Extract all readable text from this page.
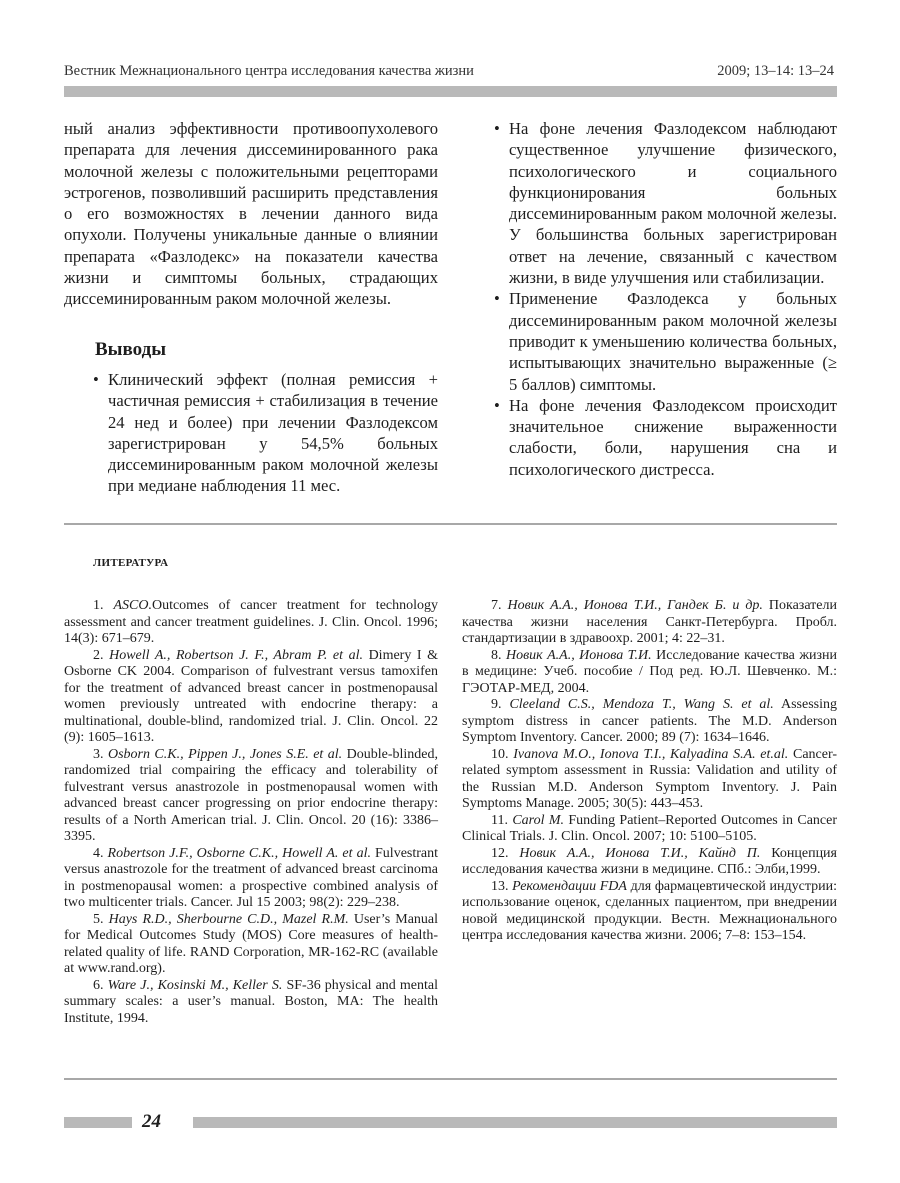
Вестник Межнационального центра исследования качества жизни	2009; 13–14: 13–24

ный анализ эффективности противоопухолевого препарата для лечения диссеминированного рака молочной железы с положительными рецепторами эстрогенов, позволивший расширить представления о его возможностях в лечении данного вида опухоли. Получены уникальные данные о влиянии препарата «Фазлодекс» на показатели качества жизни и симптомы больных, страдающих диссеминированным раком молочной железы.

Выводы
• Клинический эффект (полная ремиссия + частичная ремиссия + стабилизация в течение 24 нед и более) при лечении Фазлодексом зарегистрирован у 54,5% больных диссеминированным раком молочной железы при медиане наблюдения 11 мес.
• На фоне лечения Фазлодексом наблюдают существенное улучшение физического, психологического и социального функционирования больных диссеминированным раком молочной железы. У большинства больных зарегистрирован ответ на лечение, связанный с качеством жизни, в виде улучшения или стабилизации.
• Применение Фазлодекса у больных диссеминированным раком молочной железы приводит к уменьшению количества больных, испытывающих значительно выраженные (≥ 5 баллов) симптомы.
• На фоне лечения Фазлодексом происходит значительное снижение выраженности слабости, боли, нарушения сна и психологического дистресса.
ЛИТЕРАТУРА

1. ASCO.Outcomes of cancer treatment for technology assessment and cancer treatment guidelines. J. Clin. Oncol. 1996; 14(3): 671–679.

2. Howell A., Robertson J. F., Abram P. et al. Dimery I & Osborne CK 2004. Comparison of fulvestrant versus tamoxifen for the treatment of advanced breast cancer in postmenopausal women previously untreated with endocrine therapy: a multinational, double-blind, randomized trial. J. Clin. Oncol. 22 (9): 1605–1613.

3. Osborn C.K., Pippen J., Jones S.E. et al. Double-blinded, randomized trial compairing the efficacy and tolerability of fulvestrant versus anastrozole in postmenopausal women with advanced breast cancer progressing on prior endocrine therapy: results of a North American trial. J. Clin. Oncol. 20 (16): 3386–3395.

4. Robertson J.F., Osborne C.K., Howell A. et al. Fulvestrant versus anastrozole for the treatment of advanced breast carcinoma in postmenopausal women: a prospective combined analysis of two multicenter trials. Cancer. Jul 15 2003; 98(2): 229–238.

5. Hays R.D., Sherbourne C.D., Mazel R.M. User’s Manual for Medical Outcomes Study (MOS) Core measures of health-related quality of life. RAND Corporation, MR-162-RC (available at www.rand.org).

6. Ware J., Kosinski M., Keller S. SF-36 physical and mental summary scales: a user’s manual. Boston, MA: The health Institute, 1994.

7. Новик А.А., Ионова Т.И., Гандек Б. и др. Показатели качества жизни населения Санкт-Петербурга. Пробл. стандартизации в здравоохр. 2001; 4: 22–31.

8. Новик А.А., Ионова Т.И. Исследование качества жизни в медицине: Учеб. пособие / Под ред. Ю.Л. Шевченко. М.: ГЭОТАР-МЕД, 2004.

9. Cleeland C.S., Mendoza T., Wang S. et al. Assessing symptom distress in cancer patients. The M.D. Anderson Symptom Inventory. Cancer. 2000; 89 (7): 1634–1646.

10. Ivanova M.O., Ionova T.I., Kalyadina S.A. et.al. Cancer-related symptom assessment in Russia: Validation and utility of the Russian M.D. Anderson Symptom Inventory. J. Pain Symptoms Manage. 2005; 30(5): 443–453.

11. Carol M. Funding Patient–Reported Outcomes in Cancer Clinical Trials. J. Clin. Oncol. 2007; 10: 5100–5105.

12. Новик А.А., Ионова Т.И., Кайнд П. Концепция исследования качества жизни в медицине. СПб.: Элби,1999.

13. Рекомендации FDA для фармацевтической индустрии: использование оценок, сделанных пациентом, при внедрении новой медицинской продукции. Вестн. Межнационального центра исследования качества жизни. 2006; 7–8: 153–154.

24
